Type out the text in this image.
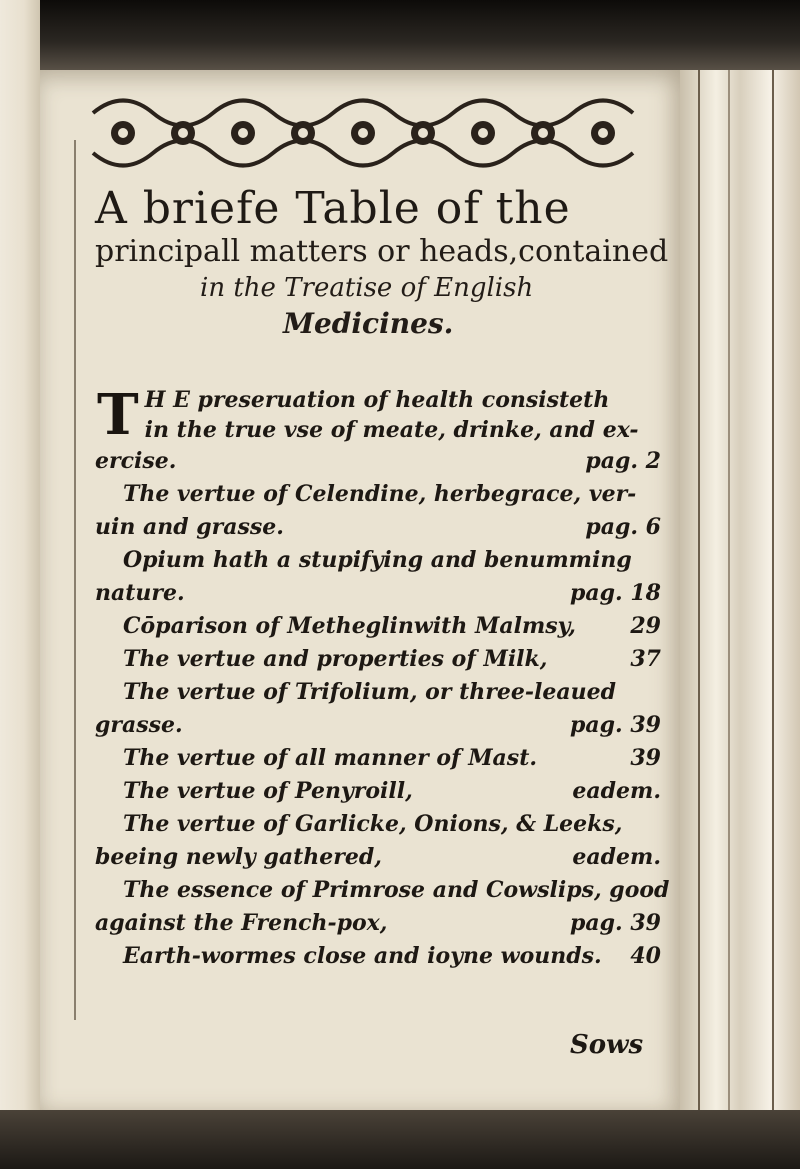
A briefe Table of the
principall matters or heads,contained
in the Treatise of English
Medicines.
T H E preseruation of health consisteth
in the true vse of meate, drinke, and ex-
ercise.	pag. 2
The vertue of Celendine, herbegrace, ver-
uin and grasse.	pag. 6
Opium hath a stupifying and benumming
nature.	pag. 18
Cōparison of Metheglinwith Malmsy, 29
The vertue and properties of Milk,	37
The vertue of Trifolium, or three-leaued
grasse.	pag. 39
The vertue of all manner of Mast.	39
The vertue of Penyroill,	eadem.
The vertue of Garlicke, Onions, & Leeks,
beeing newly gathered,	eadem.
The essence of Primrose and Cowslips, good
against the French-pox,	pag. 39
Earth-wormes close and ioyne wounds. 40
Sows
